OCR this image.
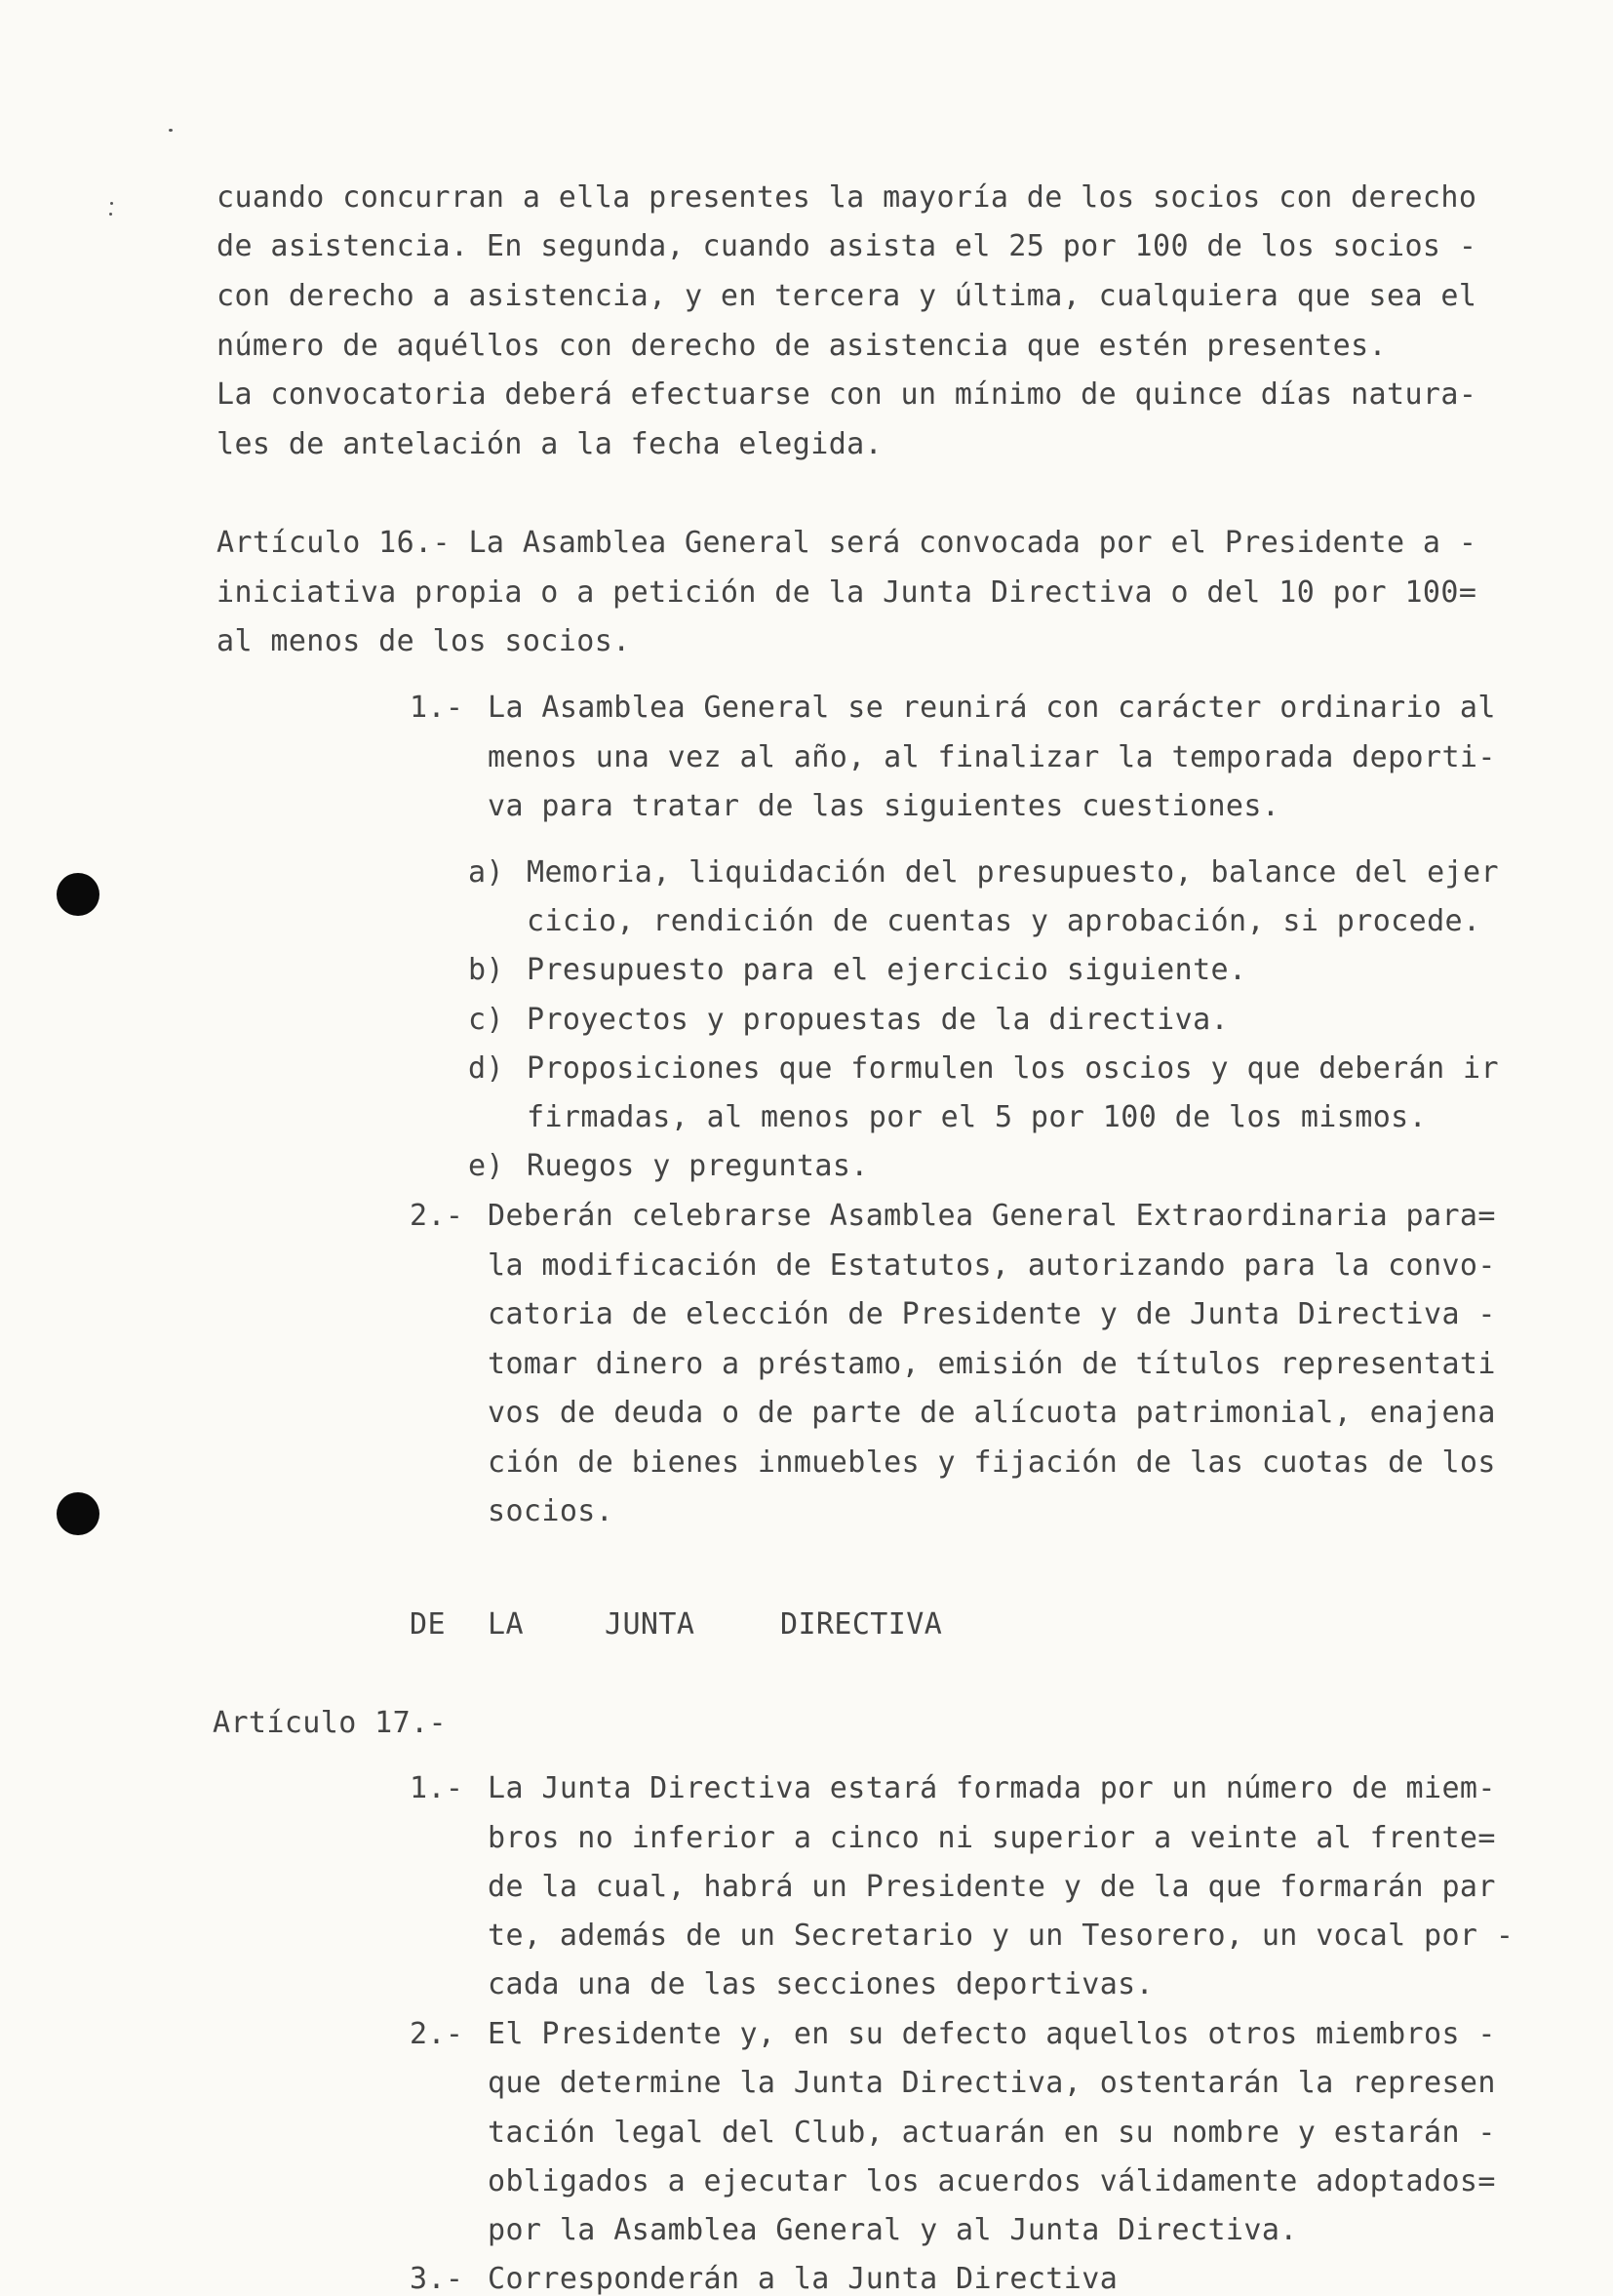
cuando concurran a ella presentes la mayoría de los socios con derecho
de asistencia. En segunda, cuando asista el 25 por 100 de los socios -
con derecho a asistencia, y en tercera y última, cualquiera que sea el
número de aquéllos con derecho de asistencia que estén presentes.
La convocatoria deberá efectuarse con un mínimo de quince días natura-
les de antelación a la fecha elegida.
Artículo 16.- La Asamblea General será convocada por el Presidente a -
iniciativa propia o a petición de la Junta Directiva o del 10 por 100=
al menos de los socios.
1.- La Asamblea General se reunirá con carácter ordinario al
menos una vez al año, al finalizar la temporada deporti-
va para tratar de las siguientes cuestiones.
a) Memoria, liquidación del presupuesto, balance del ejer
cicio, rendición de cuentas y aprobación, si procede.
b) Presupuesto para el ejercicio siguiente.
c) Proyectos y propuestas de la directiva.
d) Proposiciones que formulen los oscios y que deberán ir
firmadas, al menos por el 5 por 100 de los mismos.
e) Ruegos y preguntas.
2.- Deberán celebrarse Asamblea General Extraordinaria para=
la modificación de Estatutos, autorizando para la convo-
catoria de elección de Presidente y de Junta Directiva -
tomar dinero a préstamo, emisión de títulos representati
vos de deuda o de parte de alícuota patrimonial, enajena
ción de bienes inmuebles y fijación de las cuotas de los
socios.
DE LA	JUNTA	DIRECTIVA
Artículo 17.-
1.- La Junta Directiva estará formada por un número de miem-
bros no inferior a cinco ni superior a veinte al frente=
de la cual, habrá un Presidente y de la que formarán par
te, además de un Secretario y un Tesorero, un vocal por -
cada una de las secciones deportivas.
2.- El Presidente y, en su defecto aquellos otros miembros -
que determine la Junta Directiva, ostentarán la represen
tación legal del Club, actuarán en su nombre y estarán -
obligados a ejecutar los acuerdos válidamente adoptados=
por la Asamblea General y al Junta Directiva.
3.- Corresponderán a la Junta Directiva
